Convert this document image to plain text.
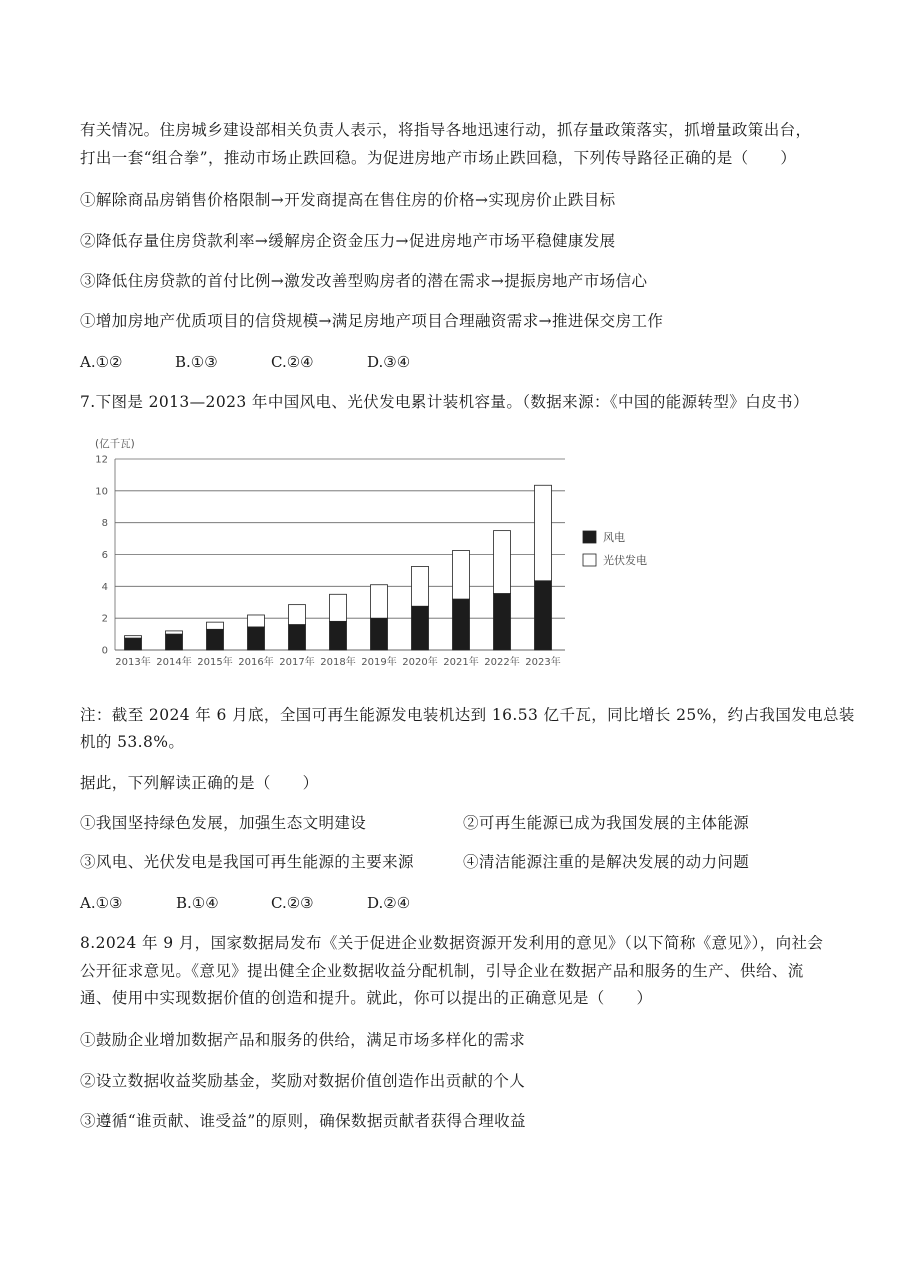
有关情况。住房城乡建设部相关负责人表示，将指导各地迅速行动，抓存量政策落实，抓增量政策出台，
打出一套“组合拳”，推动市场止跌回稳。为促进房地产市场止跌回稳，下列传导路径正确的是（　　）
①解除商品房销售价格限制→开发商提高在售住房的价格→实现房价止跌目标
②降低存量住房贷款利率→缓解房企资金压力→促进房地产市场平稳健康发展
③降低住房贷款的首付比例→激发改善型购房者的潜在需求→提振房地产市场信心
①增加房地产优质项目的信贷规模→满足房地产项目合理融资需求→推进保交房工作
A.①②	B.①③	C.②④	D.③④
7.下图是 2013—2023 年中国风电、光伏发电累计装机容量。（数据来源：《中国的能源转型》白皮书）
0
2
4
6
8
10
12
2013年 2014年 2015年 2016年 2017年 2018年 2019年 2020年 2021年 2022年 2023年
(亿千瓦)
风电
光伏发电
注：截至 2024 年 6 月底，全国可再生能源发电装机达到 16.53 亿千瓦，同比增长 25%，约占我国发电总装
机的 53.8%。
据此，下列解读正确的是（　　）
①我国坚持绿色发展，加强生态文明建设	②可再生能源已成为我国发展的主体能源
③风电、光伏发电是我国可再生能源的主要来源	④清洁能源注重的是解决发展的动力问题
A.①③	B.①④	C.②③	D.②④
8.2024 年 9 月，国家数据局发布《关于促进企业数据资源开发利用的意见》（以下简称《意见》），向社会
公开征求意见。《意见》提出健全企业数据收益分配机制，引导企业在数据产品和服务的生产、供给、流
通、使用中实现数据价值的创造和提升。就此，你可以提出的正确意见是（　　）
①鼓励企业增加数据产品和服务的供给，满足市场多样化的需求
②设立数据收益奖励基金，奖励对数据价值创造作出贡献的个人
③遵循“谁贡献、谁受益”的原则，确保数据贡献者获得合理收益
